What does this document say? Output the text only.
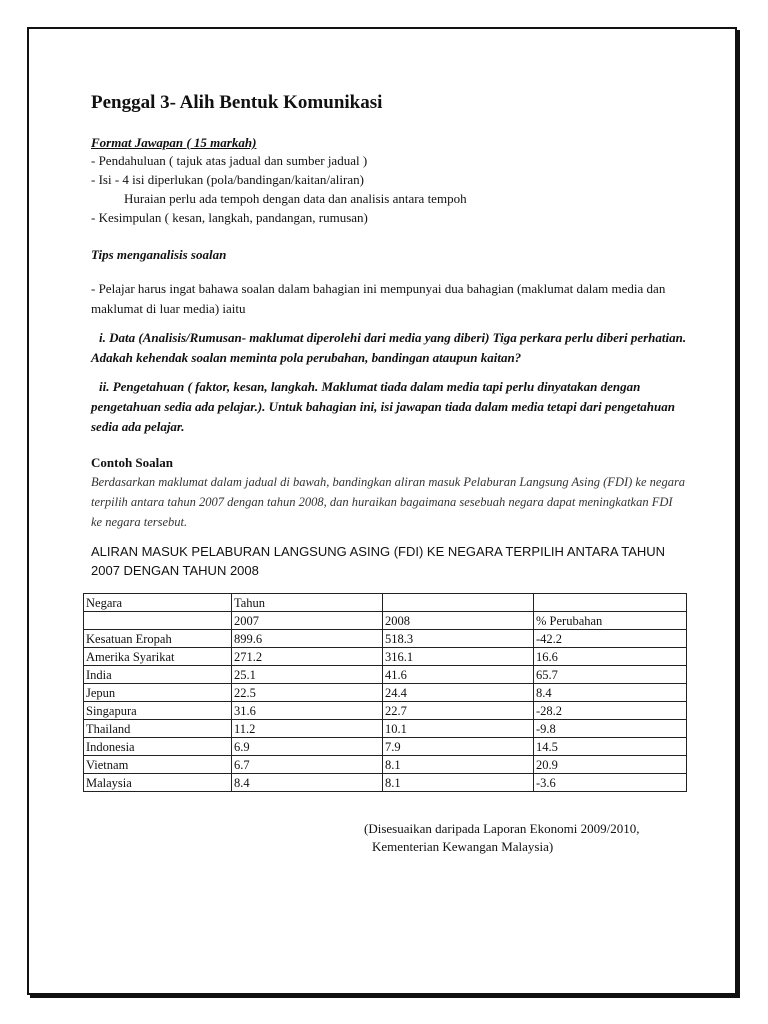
Penggal 3- Alih Bentuk Komunikasi
Format Jawapan ( 15 markah)
- Pendahuluan ( tajuk atas jadual dan sumber jadual )
- Isi - 4 isi diperlukan (pola/bandingan/kaitan/aliran)
Huraian perlu ada tempoh dengan data dan analisis antara tempoh
- Kesimpulan ( kesan, langkah, pandangan, rumusan)
Tips menganalisis soalan
- Pelajar harus ingat bahawa soalan dalam bahagian ini mempunyai dua bahagian (maklumat dalam media dan maklumat di luar media) iaitu
i. Data (Analisis/Rumusan- maklumat diperolehi dari media yang diberi) Tiga perkara perlu diberi perhatian. Adakah kehendak soalan meminta pola perubahan, bandingan ataupun kaitan?
ii. Pengetahuan ( faktor, kesan, langkah. Maklumat tiada dalam media tapi perlu dinyatakan dengan pengetahuan sedia ada pelajar.). Untuk bahagian ini, isi jawapan tiada dalam media tetapi dari pengetahuan sedia ada pelajar.
Contoh Soalan
Berdasarkan maklumat dalam jadual di bawah, bandingkan aliran masuk Pelaburan Langsung Asing (FDI) ke negara terpilih antara tahun 2007 dengan tahun 2008, dan huraikan bagaimana sesebuah negara dapat meningkatkan FDI ke negara tersebut.
ALIRAN MASUK PELABURAN LANGSUNG ASING (FDI) KE NEGARA TERPILIH ANTARA TAHUN 2007 DENGAN TAHUN 2008
Negara	Tahun		
	2007	2008	% Perubahan
Kesatuan Eropah	899.6	518.3	-42.2
Amerika Syarikat	271.2	316.1	16.6
India	25.1	41.6	65.7
Jepun	22.5	24.4	8.4
Singapura	31.6	22.7	-28.2
Thailand	11.2	10.1	-9.8
Indonesia	6.9	7.9	14.5
Vietnam	6.7	8.1	20.9
Malaysia	8.4	8.1	-3.6
(Disesuaikan daripada Laporan Ekonomi 2009/2010,
Kementerian Kewangan Malaysia)
